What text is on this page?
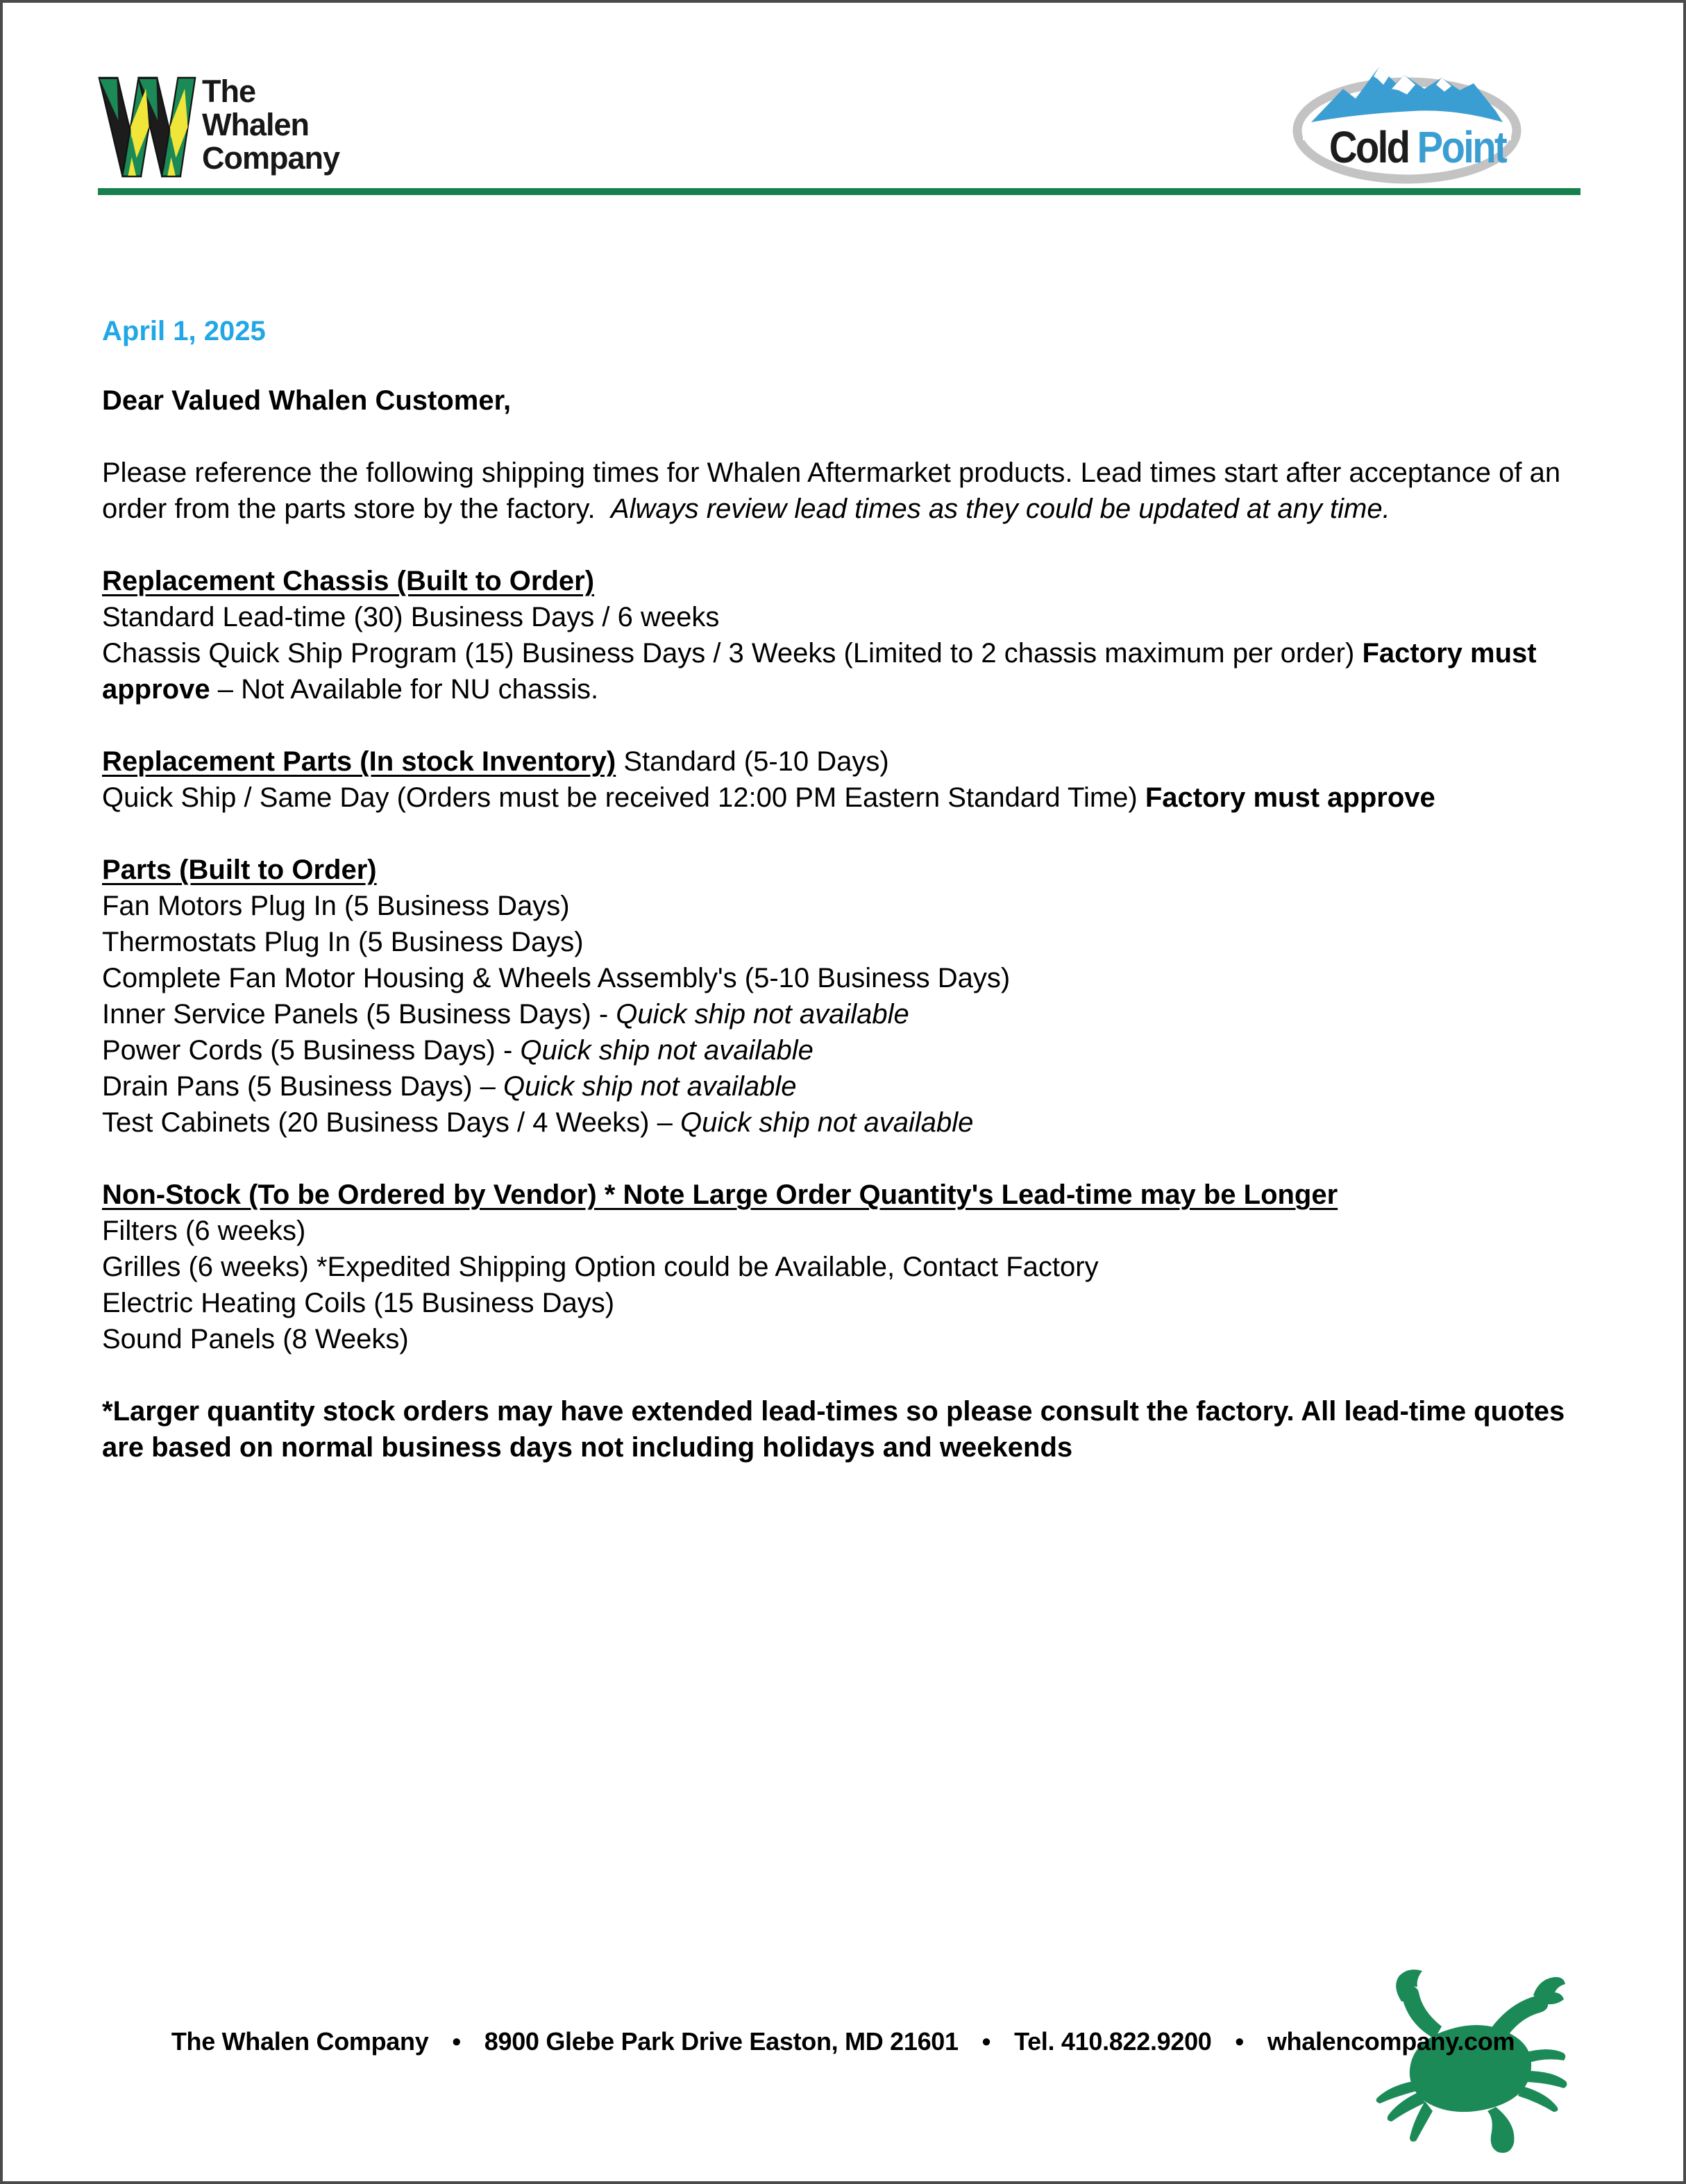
The
Whalen
Company	Cold Point
April 1, 2025
Dear Valued Whalen Customer,

Please reference the following shipping times for Whalen Aftermarket products. Lead times start after acceptance of an order from the parts store by the factory.  Always review lead times as they could be updated at any time.

Replacement Chassis (Built to Order)
Standard Lead-time (30) Business Days / 6 weeks
Chassis Quick Ship Program (15) Business Days / 3 Weeks (Limited to 2 chassis maximum per order) Factory must approve – Not Available for NU chassis.
Replacement Parts (In stock Inventory) Standard (5-10 Days)
Quick Ship / Same Day (Orders must be received 12:00 PM Eastern Standard Time) Factory must approve
Parts (Built to Order)
Fan Motors Plug In (5 Business Days)
Thermostats Plug In (5 Business Days)
Complete Fan Motor Housing & Wheels Assembly's (5-10 Business Days)
Inner Service Panels (5 Business Days) - Quick ship not available
Power Cords (5 Business Days) - Quick ship not available
Drain Pans (5 Business Days) – Quick ship not available
Test Cabinets (20 Business Days / 4 Weeks) – Quick ship not available
Non-Stock (To be Ordered by Vendor) * Note Large Order Quantity's Lead-time may be Longer
Filters (6 weeks)
Grilles (6 weeks) *Expedited Shipping Option could be Available, Contact Factory
Electric Heating Coils (15 Business Days)
Sound Panels (8 Weeks)

*Larger quantity stock orders may have extended lead-times so please consult the factory. All lead-time quotes are based on normal business days not including holidays and weekends

The Whalen Company • 8900 Glebe Park Drive Easton, MD 21601 • Tel. 410.822.9200 • whalencompany.com
